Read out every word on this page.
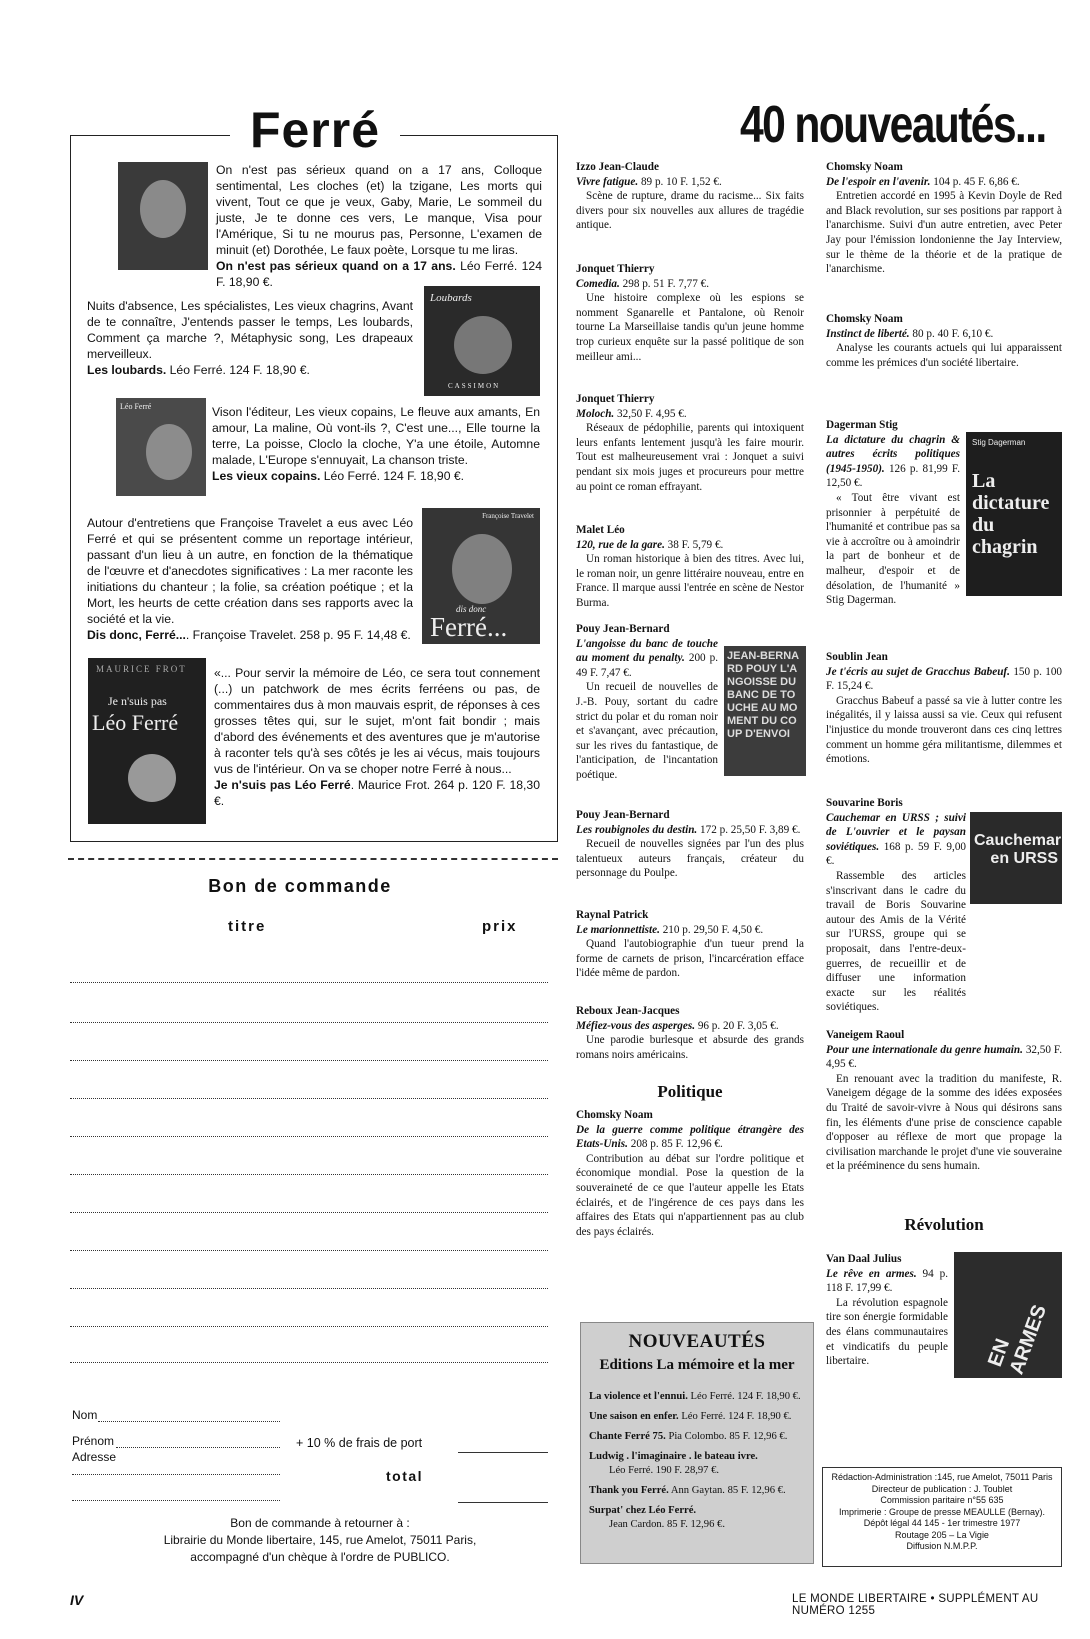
Ferré
On n'est pas sérieux quand on a 17 ans, Colloque sentimental, Les cloches (et) la tzigane, Les morts qui vivent, Tout ce que je veux, Gaby, Marie, Le sommeil du juste, Je te donne ces vers, Le manque, Visa pour l'Amérique, Si tu ne mourus pas, Personne, L'examen de minuit (et) Dorothée, Le faux poète, Lorsque tu me liras.
On n'est pas sérieux quand on a 17 ans. Léo Ferré. 124 F. 18,90 €.
Nuits d'absence, Les spécialistes, Les vieux chagrins, Avant de te connaître, J'entends passer le temps, Les loubards, Comment ça marche ?, Métaphysic song, Les drapeaux merveilleux.
Les loubards. Léo Ferré. 124 F. 18,90 €.
Loubards
CASSIMON
Léo Ferré	Vison l'éditeur, Les vieux copains, Le fleuve aux amants, En amour, La maline, Où vont-ils ?, C'est une..., Elle tourne la terre, La poisse, Cloclo la cloche, Y'a une étoile, Automne malade, L'Europe s'ennuyait, La chanson triste.
Les vieux copains. Léo Ferré. 124 F. 18,90 €.
Autour d'entretiens que Françoise Travelet a eus avec Léo Ferré et qui se présentent comme un reportage intérieur, passant d'un lieu à un autre, en fonction de la thématique de l'œuvre et d'anecdotes significatives : La mer raconte les initiations du chanteur ; la folie, sa création poétique ; et la Mort, les heurts de cette création dans ses rapports avec la société et la vie.
Dis donc, Ferré.... Françoise Travelet. 258 p. 95 F. 14,48 €.
Françoise Travelet
dis donc
Ferré...
MAURICE FROT
Je n'suis pas
Léo Ferré
«... Pour servir la mémoire de Léo, ce sera tout connement (...) un patchwork de mes écrits ferréens ou pas, de commentaires dus à mon mauvais esprit, de réponses à ces grosses têtes qui, sur le sujet, m'ont fait bondir ; mais d'abord des événements et des aventures que je m'autorise à raconter tels qu'à ses côtés je les ai vécus, mais toujours vus de l'intérieur. On va se choper notre Ferré à nous...
Je n'suis pas Léo Ferré. Maurice Frot. 264 p. 120 F. 18,30 €.
40 nouveautés...
Izzo Jean-Claude
Vivre fatigue. 89 p. 10 F. 1,52 €.
Scène de rupture, drame du racisme... Six faits divers pour six nouvelles aux allures de tragédie antique.
Jonquet Thierry
Comedia. 298 p. 51 F. 7,77 €.
Une histoire complexe où les espions se nomment Sganarelle et Pantalone, où Renoir tourne La Marseillaise tandis qu'un jeune homme trop curieux enquête sur la passé politique de son meilleur ami...
Jonquet Thierry
Moloch. 32,50 F. 4,95 €.
Réseaux de pédophilie, parents qui intoxiquent leurs enfants lentement jusqu'à les faire mourir. Tout est malheureusement vrai : Jonquet a suivi pendant six mois juges et procureurs pour mettre au point ce roman effrayant.
Malet Léo
120, rue de la gare. 38 F. 5,79 €.
Un roman historique à bien des titres. Avec lui, le roman noir, un genre littéraire nouveau, entre en France. Il marque aussi l'entrée en scène de Nestor Burma.
Pouy Jean-Bernard
L'angoisse du banc de touche au moment du penalty. 200 p. 49 F. 7,47 €.
Un recueil de nouvelles de J.-B. Pouy, sortant du cadre strict du polar et du roman noir et s'avançant, avec précaution, sur les rives du fantastique, de l'anticipation, de l'incantation poétique.
JEAN-BERNARD POUY L'ANGOISSE DU BANC DE TOUCHE AU MOMENT DU COUP D'ENVOI
Pouy Jean-Bernard
Les roubignoles du destin. 172 p. 25,50 F. 3,89 €.
Recueil de nouvelles signées par l'un des plus talentueux auteurs français, créateur du personnage du Poulpe.
Raynal Patrick
Le marionnettiste. 210 p. 29,50 F. 4,50 €.
Quand l'autobiographie d'un tueur prend la forme de carnets de prison, l'incarcération efface l'idée même de pardon.
Reboux Jean-Jacques
Méfiez-vous des asperges. 96 p. 20 F. 3,05 €.
Une parodie burlesque et absurde des grands romans noirs américains.
Politique
Chomsky Noam
De la guerre comme politique étrangère des Etats-Unis. 208 p. 85 F. 12,96 €.
Contribution au débat sur l'ordre politique et économique mondial. Pose la question de la souveraineté de ce que l'auteur appelle les Etats éclairés, et de l'ingérence de ces pays dans les affaires des Etats qui n'appartiennent pas au club des pays éclairés.
Chomsky Noam
De l'espoir en l'avenir. 104 p. 45 F. 6,86 €.
Entretien accordé en 1995 à Kevin Doyle de Red and Black revolution, sur ses positions par rapport à l'anarchisme. Suivi d'un autre entretien, avec Peter Jay pour l'émission londonienne the Jay Interview, sur le thème de la théorie et de la pratique de l'anarchisme.
Chomsky Noam
Instinct de liberté. 80 p. 40 F. 6,10 €.
Analyse les courants actuels qui lui apparaissent comme les prémices d'un société libertaire.
Dagerman Stig
La dictature du chagrin & autres écrits politiques (1945-1950). 126 p. 81,99 F. 12,50 €.
« Tout être vivant est prisonnier à perpétuité de l'humanité et contribue pas sa vie à accroître ou à amoindrir la part de bonheur et de malheur, d'espoir et de désolation, de l'humanité » Stig Dagerman.
Stig Dagerman
La dictature du chagrin
Soublin Jean
Je t'écris au sujet de Gracchus Babeuf. 150 p. 100 F. 15,24 €.
Gracchus Babeuf a passé sa vie à lutter contre les inégalités, il y laissa aussi sa vie. Ceux qui refusent l'injustice du monde trouveront dans ces cinq lettres comment un homme géra militantisme, dilemmes et émotions.
Souvarine Boris
Cauchemar en URSS ; suivi de L'ouvrier et le paysan soviétiques. 168 p. 59 F. 9,00 €.
Rassemble des articles s'inscrivant dans le cadre du travail de Boris Souvarine autour des Amis de la Vérité sur l'URSS, groupe qui se proposait, dans l'entre-deux-guerres, de recueillir et de diffuser une information exacte sur les réalités soviétiques.
Cauchemar en URSS
Vaneigem Raoul
Pour une internationale du genre humain. 32,50 F. 4,95 €.
En renouant avec la tradition du manifeste, R. Vaneigem dégage de la somme des idées exposées du Traité de savoir-vivre à Nous qui désirons sans fin, les éléments d'une prise de conscience capable d'opposer au réflexe de mort que propage la civilisation marchande le projet d'une vie souveraine et la prééminence du sens humain.
Révolution
Van Daal Julius
Le rêve en armes. 94 p. 118 F. 17,99 €.
La révolution espagnole tire son énergie formidable des élans communautaires et vindicatifs du peuple libertaire.	EN ARMES
Bon de commande
titre	prix
Nom
Prénom	+ 10 % de frais de port
Adresse
total
Bon de commande à retourner à :
Librairie du Monde libertaire, 145, rue Amelot, 75011 Paris,
accompagné d'un chèque à l'ordre de PUBLICO.
NOUVEAUTÉS
Editions La mémoire et la mer
La violence et l'ennui. Léo Ferré. 124 F. 18,90 €.
Une saison en enfer. Léo Ferré. 124 F. 18,90 €.
Chante Ferré 75. Pia Colombo. 85 F. 12,96 €.
Ludwig . l'imaginaire . le bateau ivre.
Léo Ferré. 190 F. 28,97 €.
Thank you Ferré. Ann Gaytan. 85 F. 12,96 €.
Surpat' chez Léo Ferré.
Jean Cardon. 85 F. 12,96 €.
Rédaction-Administration :145, rue Amelot, 75011 Paris
Directeur de publication : J. Toublet
Commission paritaire n°55 635
Imprimerie : Groupe de presse MEAULLE (Bernay).
Dépôt légal 44 145 - 1er trimestre 1977
Routage 205 – La Vigie
Diffusion N.M.P.P.
IV	LE MONDE LIBERTAIRE • SUPPLÉMENT AU NUMÉRO 1255
